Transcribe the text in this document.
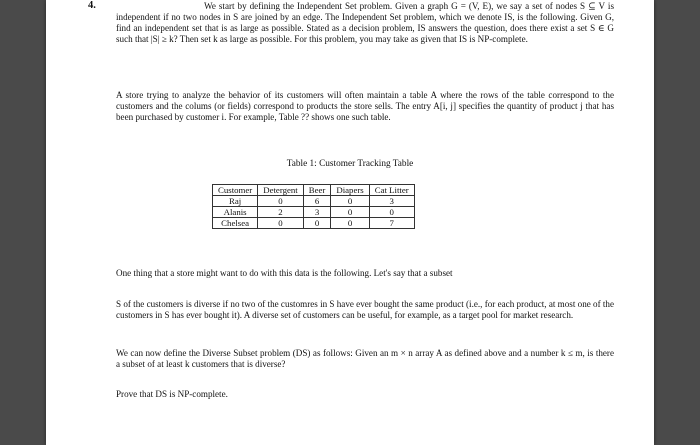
4.	We start by defining the Independent Set problem. Given a graph G = (V, E), we say a set of nodes S ⊆ V is independent if no two nodes in S are joined by an edge. The Independent Set problem, which we denote IS, is the following. Given G, find an independent set that is as large as possible. Stated as a decision problem, IS answers the question, does there exist a set S ∈ G such that |S| ≥ k? Then set k as large as possible. For this problem, you may take as given that IS is NP-complete.
A store trying to analyze the behavior of its customers will often maintain a table A where the rows of the table correspond to the customers and the colums (or fields) correspond to products the store sells. The entry A[i, j] specifies the quantity of product j that has been purchased by customer i. For example, Table ?? shows one such table.
Table 1: Customer Tracking Table
Customer	Detergent	Beer	Diapers	Cat Litter
Raj	0	6	0	3
Alanis	2	3	0	0
Chelsea	0	0	0	7
One thing that a store might want to do with this data is the following. Let's say that a subset
S of the customers is diverse if no two of the customres in S have ever bought the same product (i.e., for each product, at most one of the customers in S has ever bought it). A diverse set of customers can be useful, for example, as a target pool for market research.
We can now define the Diverse Subset problem (DS) as follows: Given an m × n array A as defined above and a number k ≤ m, is there a subset of at least k customers that is diverse?
Prove that DS is NP-complete.
